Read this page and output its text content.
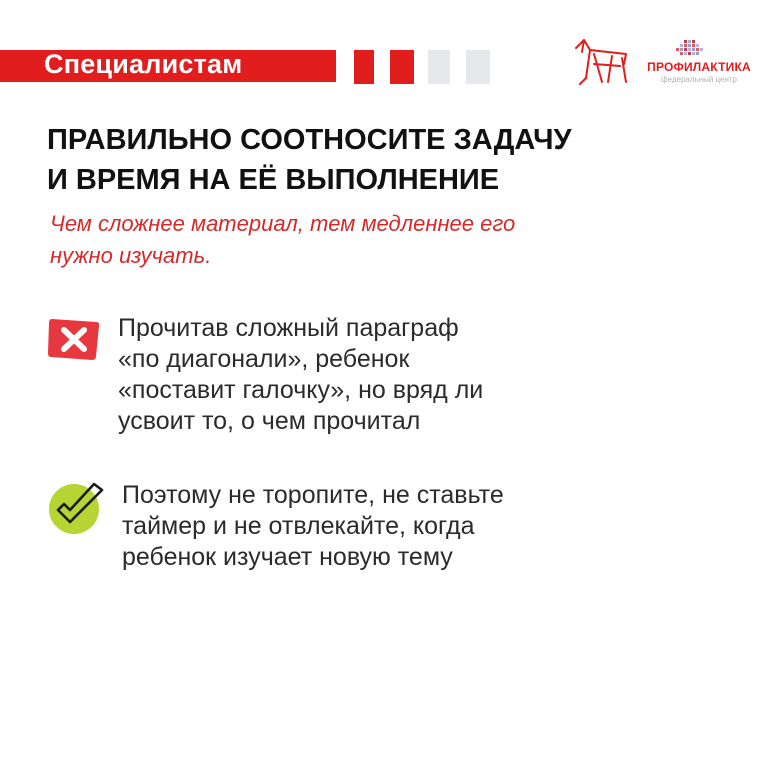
Специалистам	ПРОФИЛАКТИКА
федеральный центр
ПРАВИЛЬНО СООТНОСИТЕ ЗАДАЧУ
И ВРЕМЯ НА ЕЁ ВЫПОЛНЕНИЕ
Чем сложнее материал, тем медленнее его
нужно изучать.
Прочитав сложный параграф
«по диагонали», ребенок
«поставит галочку», но вряд ли
усвоит то, о чем прочитал
Поэтому не торопите, не ставьте
таймер и не отвлекайте, когда
ребенок изучает новую тему
